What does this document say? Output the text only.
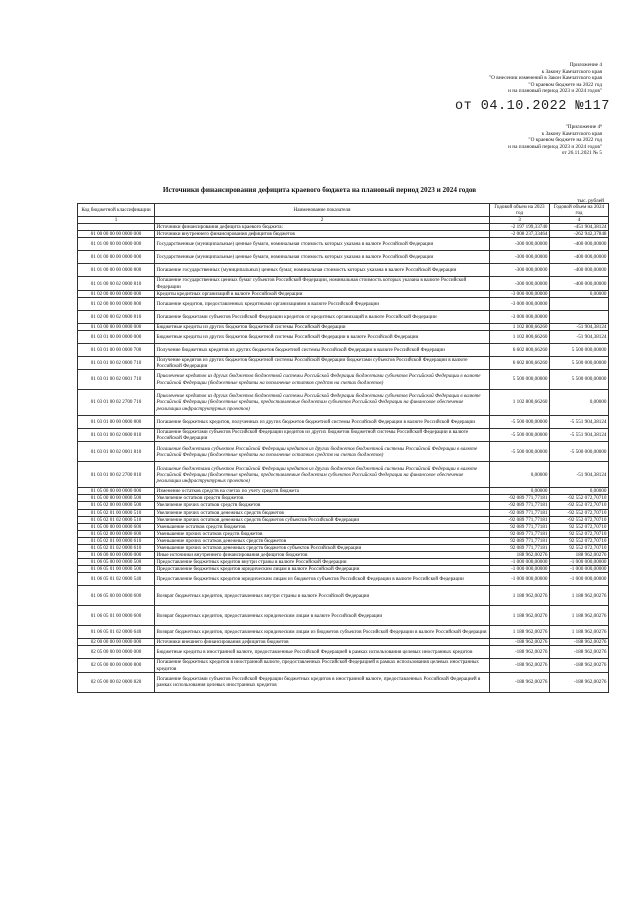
Приложение 4
к Закону Камчатского края
"О внесении изменений в Закон Камчатского края
"О краевом бюджете на 2022 год
и на плановый период 2023 и 2024 годов"
от 04.10.2022 №117
"Приложение 4⁸
к Закону Камчатского края
"О краевом бюджете на 2022 год
и на плановый период 2023 и 2024 годов"
от 26.11.2021 № 5
Источники финансирования дефицита краевого бюджета на плановый период 2023 и 2024 годов
тыс. рублей
Код бюджетной классификации	Наименование показателя	Годовой объем на 2023 год	Годовой объем на 2024 год
1	2	3	4
	Источники финансирования дефицита краевого бюджета:	-2 197 199,33740	-451 904,38124
01 00 00 00 00 0000 000	Источники внутреннего финансирования дефицитов бюджетов	-2 008 237,33464	-262 942,37848
01 01 00 00 00 0000 000	Государственные (муниципальные) ценные бумаги, номинальная стоимость которых указана в валюте Российской Федерации	-300 000,00000	-400 000,00000
01 01 00 00 00 0000 000	Государственные (муниципальные) ценные бумаги, номинальная стоимость которых указана в валюте Российской Федерации	-300 000,00000	-400 000,00000
01 01 00 00 00 0000 800	Погашение государственных (муниципальных) ценных бумаг, номинальная стоимость которых указана в валюте Российской Федерации	-300 000,00000	-400 000,00000
01 01 00 00 02 0000 810	Погашение государственных ценных бумаг субъектов Российской Федерации, номинальная стоимость которых указана в валюте Российской Федерации	-300 000,00000	-400 000,00000
01 02 00 00 00 0000 000	Кредиты кредитных организаций в валюте Российской Федерации	-3 000 000,00000	0,00000
01 02 00 00 00 0000 800	Погашение кредитов, предоставленных кредитными организациями в валюте Российской Федерации	-3 000 000,00000	
01 02 00 00 02 0000 810	Погашение бюджетами субъектов Российской Федерации кредитов от кредитных организаций в валюте Российской Федерации	-3 000 000,00000	
01 03 00 00 00 0000 000	Бюджетные кредиты из других бюджетов бюджетной системы Российской Федерации	1 102 800,66260	-51 904,38124
01 03 01 00 00 0000 000	Бюджетные кредиты из других бюджетов бюджетной системы Российской Федерации в валюте Российской Федерации	1 102 800,66260	-51 904,38124
01 03 01 00 00 0000 700	Получение бюджетных кредитов из других бюджетов бюджетной системы Российской Федерации в валюте Российской Федерации	6 602 800,66260	5 500 000,00000
01 03 01 00 02 0000 710	Получение кредитов из других бюджетов бюджетной системы Российской Федерации бюджетами субъектов Российской Федерации в валюте Российской Федерации	6 602 800,66260	5 500 000,00000
01 03 01 00 02 0001 710	Привлечение кредитов из других бюджетов бюджетной системы Российской Федерации бюджетами субъектов Российской Федерации в валюте Российской Федерации (бюджетные кредиты на пополнение остатков средств на счетах бюджетов)	5 500 000,00000	5 500 000,00000
01 03 01 00 02 2700 710	Привлечение кредитов из других бюджетов бюджетной системы Российской Федерации бюджетами субъектов Российской Федерации в валюте Российской Федерации (бюджетные кредиты, предоставляемые бюджетам субъектов Российской Федерации на финансовое обеспечение реализации инфраструктурных проектов)	1 102 800,66260	0,00000
01 03 01 00 00 0000 800	Погашение бюджетных кредитов, полученных из других бюджетов бюджетной системы Российской Федерации в валюте Российской Федерации	-5 500 000,00000	-5 551 904,38124
01 03 01 00 02 0000 810	Погашение бюджетами субъектов Российской Федерации кредитов из других бюджетов бюджетной системы Российской Федерации в валюте Российской Федерации	-5 500 000,00000	-5 551 904,38124
01 03 01 00 02 0001 810	Погашение бюджетами субъектов Российской Федерации кредитов из других бюджетов бюджетной системы Российской Федерации в валюте Российской Федерации (бюджетные кредиты на пополнение остатков средств на счетах бюджетов)	-5 500 000,00000	-5 500 000,00000
01 03 01 00 02 2700 810	Погашение бюджетами субъектов Российской Федерации кредитов из других бюджетов бюджетной системы Российской Федерации в валюте Российской Федерации (бюджетные кредиты, предоставляемые бюджетам субъектов Российской Федерации на финансовое обеспечение реализации инфраструктурных проектов)	0,00000	-51 904,38124
01 05 00 00 00 0000 000	Изменение остатков средств на счетах по учету средств бюджета	0,00000	0,00000
01 05 00 00 00 0000 500	Увеличение остатков средств бюджетов	-92 089 771,77181	-92 552 072,70710
01 05 02 00 00 0000 500	Увеличение прочих остатков средств бюджетов	-92 089 771,77181	-92 552 072,70710
01 05 02 01 00 0000 510	Увеличение прочих остатков денежных средств бюджетов	-92 089 771,77181	-92 552 072,70710
01 05 02 01 02 0000 510	Увеличение прочих остатков денежных средств бюджетов субъектов Российской Федерации	-92 089 771,77181	-92 552 072,70710
01 05 00 00 00 0000 600	Уменьшение остатков средств бюджетов	92 089 771,77181	92 552 072,70710
01 05 02 00 00 0000 600	Уменьшение прочих остатков средств бюджетов	92 089 771,77181	92 552 072,70710
01 05 02 01 00 0000 610	Уменьшение прочих остатков денежных средств бюджетов	92 089 771,77181	92 552 072,70710
01 05 02 01 02 0000 610	Уменьшение прочих остатков денежных средств бюджетов субъектов Российской Федерации	92 089 771,77181	92 552 072,70710
01 06 00 00 00 0000 000	Иные источники внутреннего финансирования дефицитов бюджетов	188 962,00276	188 962,00276
01 06 05 00 00 0000 500	Предоставление бюджетных кредитов внутри страны в валюте Российской Федерации	-1 000 000,00000	-1 000 000,00000
01 06 05 01 00 0000 500	Предоставление бюджетных кредитов юридическим лицам в валюте Российской Федерации	-1 000 000,00000	-1 000 000,00000
01 06 05 01 02 0000 540	Предоставление бюджетных кредитов юридическим лицам из бюджетов субъектов Российской Федерации в валюте Российской Федерации	-1 000 000,00000	-1 000 000,00000
01 06 05 00 00 0000 600	Возврат бюджетных кредитов, предоставленных внутри страны в валюте Российской Федерации	1 188 962,00276	1 188 962,00276
01 06 05 01 00 0000 600	Возврат бюджетных кредитов, предоставленных юридическим лицам в валюте Российской Федерации	1 188 962,00276	1 188 962,00276
01 06 05 01 02 0000 640	Возврат бюджетных кредитов, предоставленных юридическим лицам из бюджетов субъектов Российской Федерации в валюте Российской Федерации	1 188 962,00276	1 188 962,00276
02 00 00 00 00 0000 000	Источники внешнего финансирования дефицитов бюджетов	-188 962,00276	-188 962,00276
02 05 00 00 00 0000 000	Бюджетные кредиты в иностранной валюте, предоставленные Российской Федерацией в рамках использования целевых иностранных кредитов	-188 962,00276	-188 962,00276
02 05 00 00 00 0000 800	Погашение бюджетных кредитов в иностранной валюте, предоставленных Российской Федерацией в рамках использования целевых иностранных кредитов	-188 962,00276	-188 962,00276
02 05 00 00 02 0000 820	Погашение бюджетами субъектов Российской Федерации бюджетных кредитов в иностранной валюте, предоставленных Российской Федерацией в рамках использования целевых иностранных кредитов	-188 962,00276	-188 962,00276
